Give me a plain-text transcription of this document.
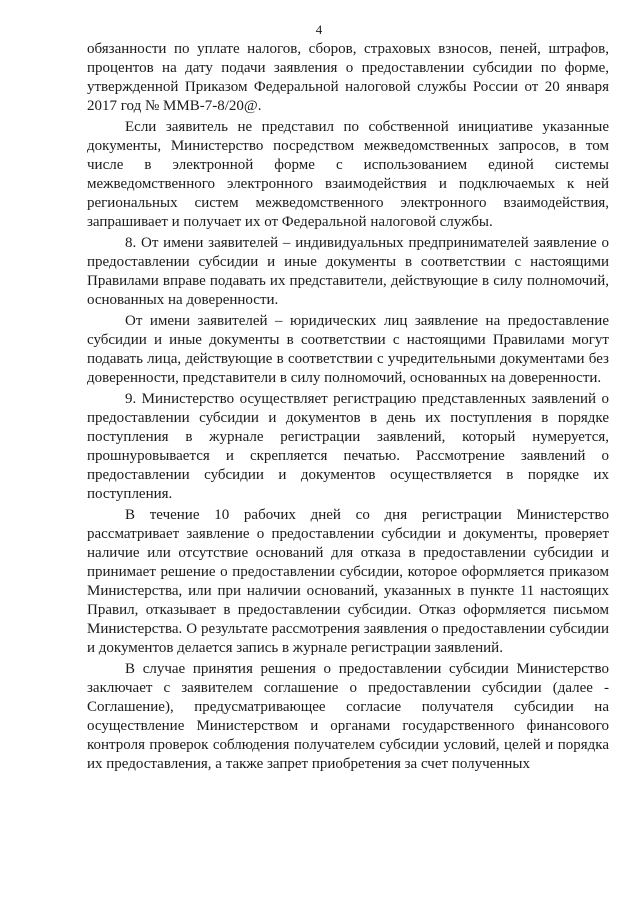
4

обязанности по уплате налогов, сборов, страховых взносов, пеней, штрафов, процентов на дату подачи заявления о предоставлении субсидии по форме, утвержденной Приказом Федеральной налоговой службы России от 20 января 2017 год № ММВ-7-8/20@.

Если заявитель не представил по собственной инициативе указанные документы, Министерство посредством межведомственных запросов, в том числе в электронной форме с использованием единой системы межведомственного электронного взаимодействия и подключаемых к ней региональных систем межведомственного электронного взаимодействия, запрашивает и получает их от Федеральной налоговой службы.

8. От имени заявителей – индивидуальных предпринимателей заявление о предоставлении субсидии и иные документы в соответствии с настоящими Правилами вправе подавать их представители, действующие в силу полномочий, основанных на доверенности.

От имени заявителей – юридических лиц заявление на предоставление субсидии и иные документы в соответствии с настоящими Правилами могут подавать лица, действующие в соответствии с учредительными документами без доверенности, представители в силу полномочий, основанных на доверенности.

9. Министерство осуществляет регистрацию представленных заявлений о предоставлении субсидии и документов в день их поступления в порядке поступления в журнале регистрации заявлений, который нумеруется, прошнуровывается и скрепляется печатью. Рассмотрение заявлений о предоставлении субсидии и документов осуществляется в порядке их поступления.

В течение 10 рабочих дней со дня регистрации Министерство рассматривает заявление о предоставлении субсидии и документы, проверяет наличие или отсутствие оснований для отказа в предоставлении субсидии и принимает решение о предоставлении субсидии, которое оформляется приказом Министерства, или при наличии оснований, указанных в пункте 11 настоящих Правил, отказывает в предоставлении субсидии. Отказ оформляется письмом Министерства. О результате рассмотрения заявления о предоставлении субсидии и документов делается запись в журнале регистрации заявлений.

В случае принятия решения о предоставлении субсидии Министерство заключает с заявителем соглашение о предоставлении субсидии (далее - Соглашение), предусматривающее согласие получателя субсидии на осуществление Министерством и органами государственного финансового контроля проверок соблюдения получателем субсидии условий, целей и порядка их предоставления, а также запрет приобретения за счет полученных
